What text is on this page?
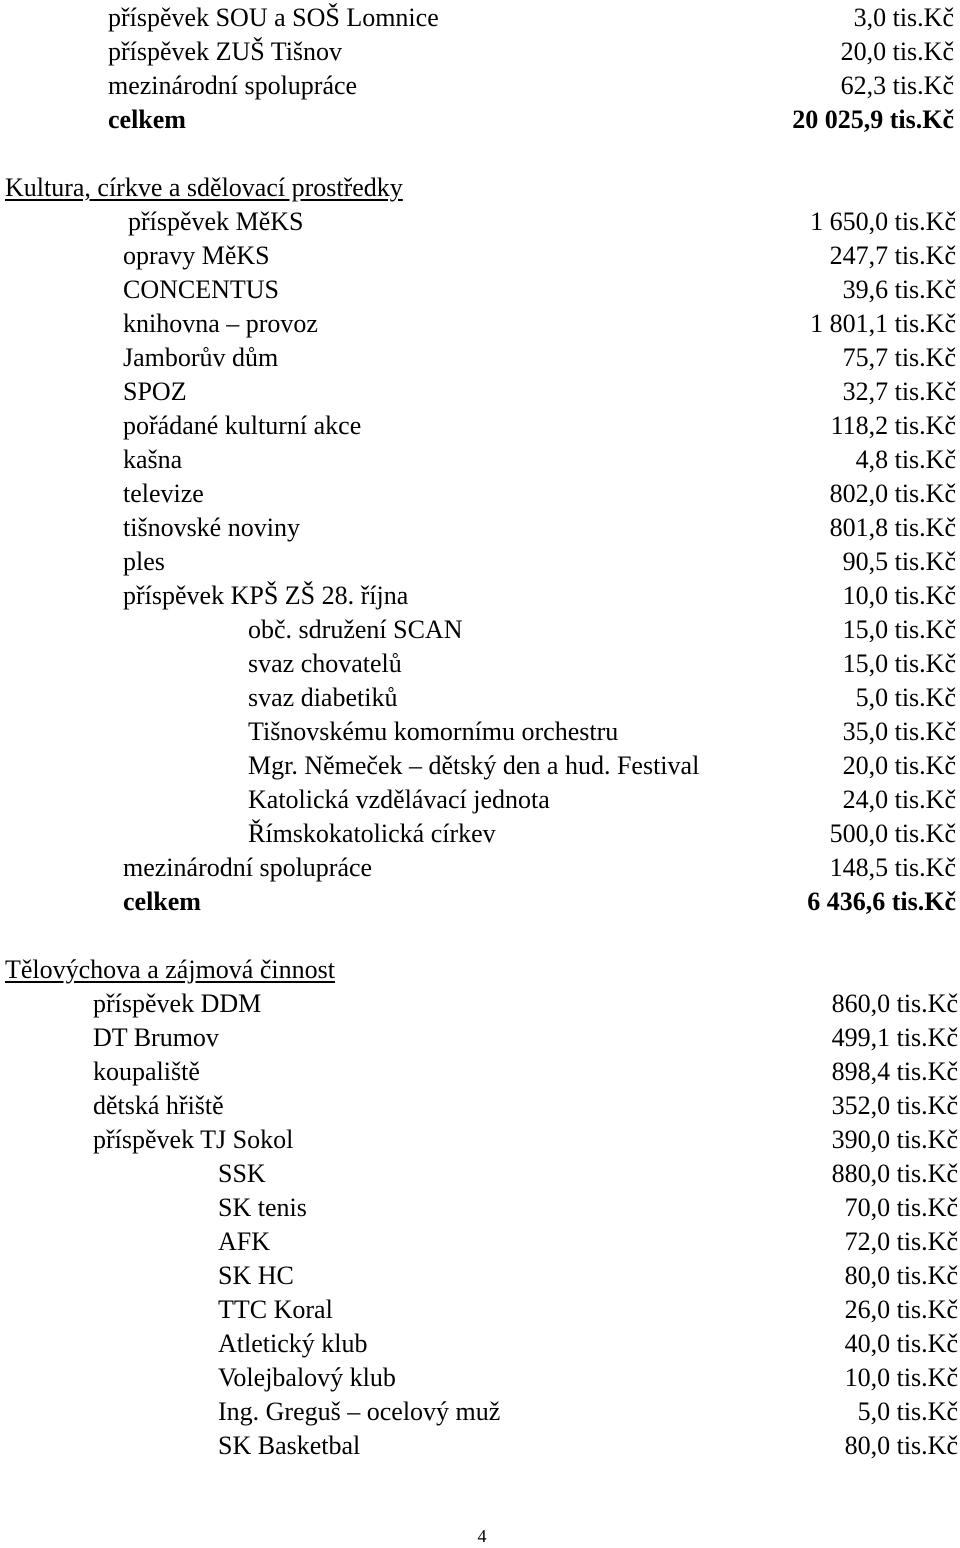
příspěvek SOU a SOŠ Lomnice	3,0 tis.Kč
příspěvek ZUŠ Tišnov	20,0 tis.Kč
mezinárodní spolupráce	62,3 tis.Kč
celkem	20 025,9 tis.Kč
Kultura, církve a sdělovací prostředky
příspěvek MěKS	1 650,0 tis.Kč
opravy MěKS	247,7 tis.Kč
CONCENTUS	39,6 tis.Kč
knihovna – provoz	1 801,1 tis.Kč
Jamborův dům	75,7 tis.Kč
SPOZ	32,7 tis.Kč
pořádané kulturní akce	118,2 tis.Kč
kašna	4,8 tis.Kč
televize	802,0 tis.Kč
tišnovské noviny	801,8 tis.Kč
ples	90,5 tis.Kč
příspěvek KPŠ ZŠ 28. října	10,0 tis.Kč
obč. sdružení SCAN	15,0 tis.Kč
svaz chovatelů	15,0 tis.Kč
svaz diabetiků	5,0 tis.Kč
Tišnovskému komornímu orchestru	35,0 tis.Kč
Mgr. Němeček – dětský den a hud. Festival	20,0 tis.Kč
Katolická vzdělávací jednota	24,0 tis.Kč
Římskokatolická církev	500,0 tis.Kč
mezinárodní spolupráce	148,5 tis.Kč
celkem	6 436,6 tis.Kč
Tělovýchova a zájmová činnost
příspěvek DDM	860,0 tis.Kč
DT Brumov	499,1 tis.Kč
koupaliště	898,4 tis.Kč
dětská hřiště	352,0 tis.Kč
příspěvek TJ Sokol	390,0 tis.Kč
SSK	880,0 tis.Kč
SK tenis	70,0 tis.Kč
AFK	72,0 tis.Kč
SK HC	80,0 tis.Kč
TTC Koral	26,0 tis.Kč
Atletický klub	40,0 tis.Kč
Volejbalový klub	10,0 tis.Kč
Ing. Greguš – ocelový muž	5,0 tis.Kč
SK Basketbal	80,0 tis.Kč
4
